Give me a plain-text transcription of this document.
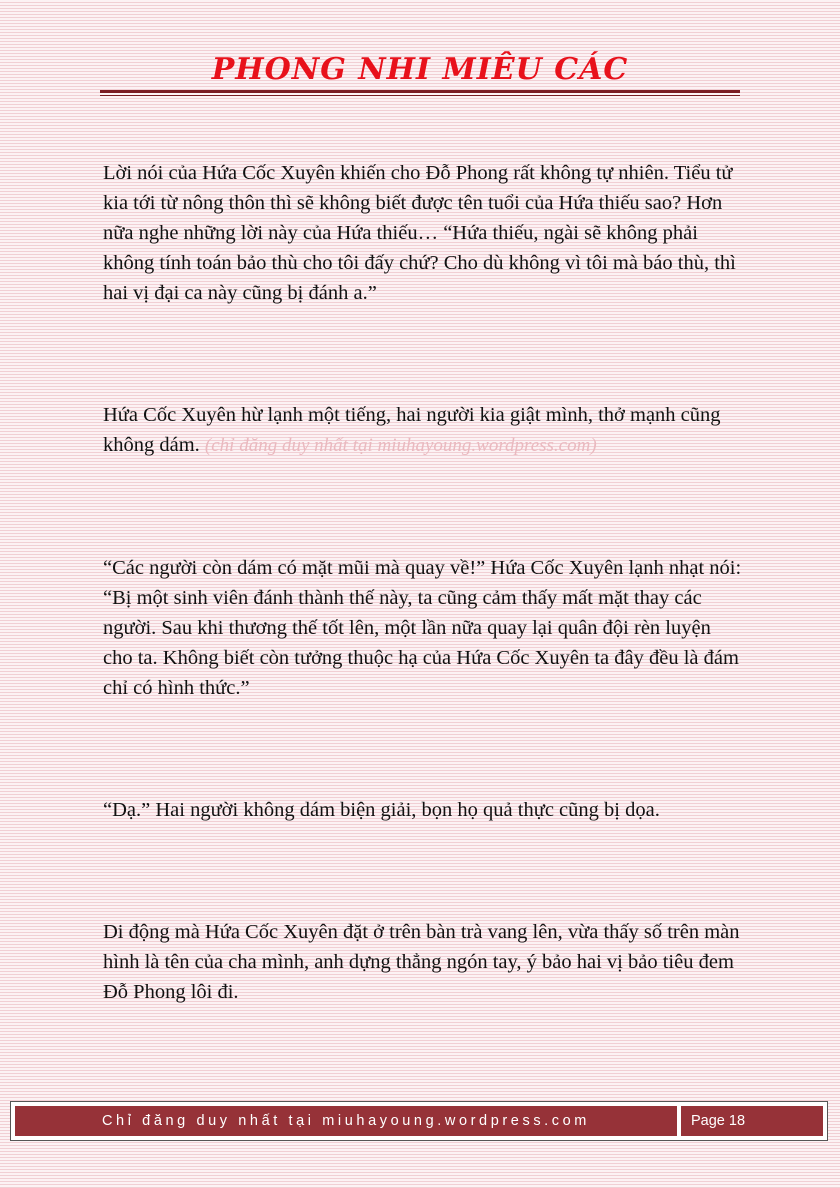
PHONG NHI MIÊU CÁC

Lời nói của Hứa Cốc Xuyên khiến cho Đỗ Phong rất không tự nhiên. Tiểu tử kia tới từ nông thôn thì sẽ không biết được tên tuổi của Hứa thiếu sao? Hơn nữa nghe những lời này của Hứa thiếu… “Hứa thiếu, ngài sẽ không phải không tính toán bảo thù cho tôi đấy chứ? Cho dù không vì tôi mà báo thù, thì hai vị đại ca này cũng bị đánh a.”

Hứa Cốc Xuyên hừ lạnh một tiếng, hai người kia giật mình, thở mạnh cũng không dám. (chỉ đăng duy nhất tại miuhayoung.wordpress.com)

“Các người còn dám có mặt mũi mà quay về!” Hứa Cốc Xuyên lạnh nhạt nói: “Bị một sinh viên đánh thành thế này, ta cũng cảm thấy mất mặt thay các người. Sau khi thương thế tốt lên, một lần nữa quay lại quân đội rèn luyện cho ta. Không biết còn tưởng thuộc hạ của Hứa Cốc Xuyên ta đây đều là đám chỉ có hình thức.”

“Dạ.” Hai người không dám biện giải, bọn họ quả thực cũng bị dọa.

Di động mà Hứa Cốc Xuyên đặt ở trên bàn trà vang lên, vừa thấy số trên màn hình là tên của cha mình, anh dựng thẳng ngón tay, ý bảo hai vị bảo tiêu đem Đỗ Phong lôi đi.

Chỉ đăng duy nhất tại miuhayoung.wordpress.com	Page 18
